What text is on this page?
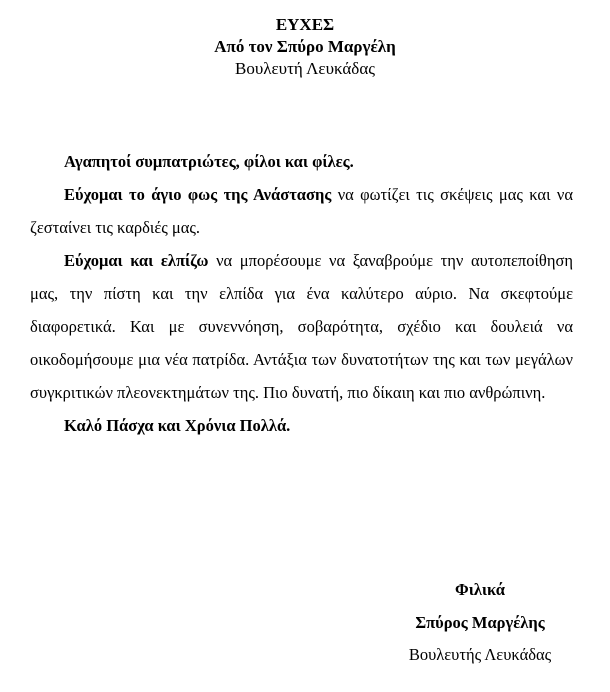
ΕΥΧΕΣ
Από τον Σπύρο Μαργέλη
Βουλευτή Λευκάδας

Αγαπητοί συμπατριώτες, φίλοι και φίλες.

Εύχομαι το άγιο φως της Ανάστασης να φωτίζει τις σκέψεις μας και να ζεσταίνει τις καρδιές μας.

Εύχομαι και ελπίζω να μπορέσουμε να ξαναβρούμε την αυτοπεποίθηση μας, την πίστη και την ελπίδα για ένα καλύτερο αύριο. Να σκεφτούμε διαφορετικά. Και με συνεννόηση, σοβαρότητα, σχέδιο και δουλειά να οικοδομήσουμε μια νέα πατρίδα. Αντάξια των δυνατοτήτων της και των μεγάλων συγκριτικών πλεονεκτημάτων της. Πιο δυνατή, πιο δίκαιη και πιο ανθρώπινη.

Καλό Πάσχα και Χρόνια Πολλά.

Φιλικά
Σπύρος Μαργέλης
Βουλευτής Λευκάδας
